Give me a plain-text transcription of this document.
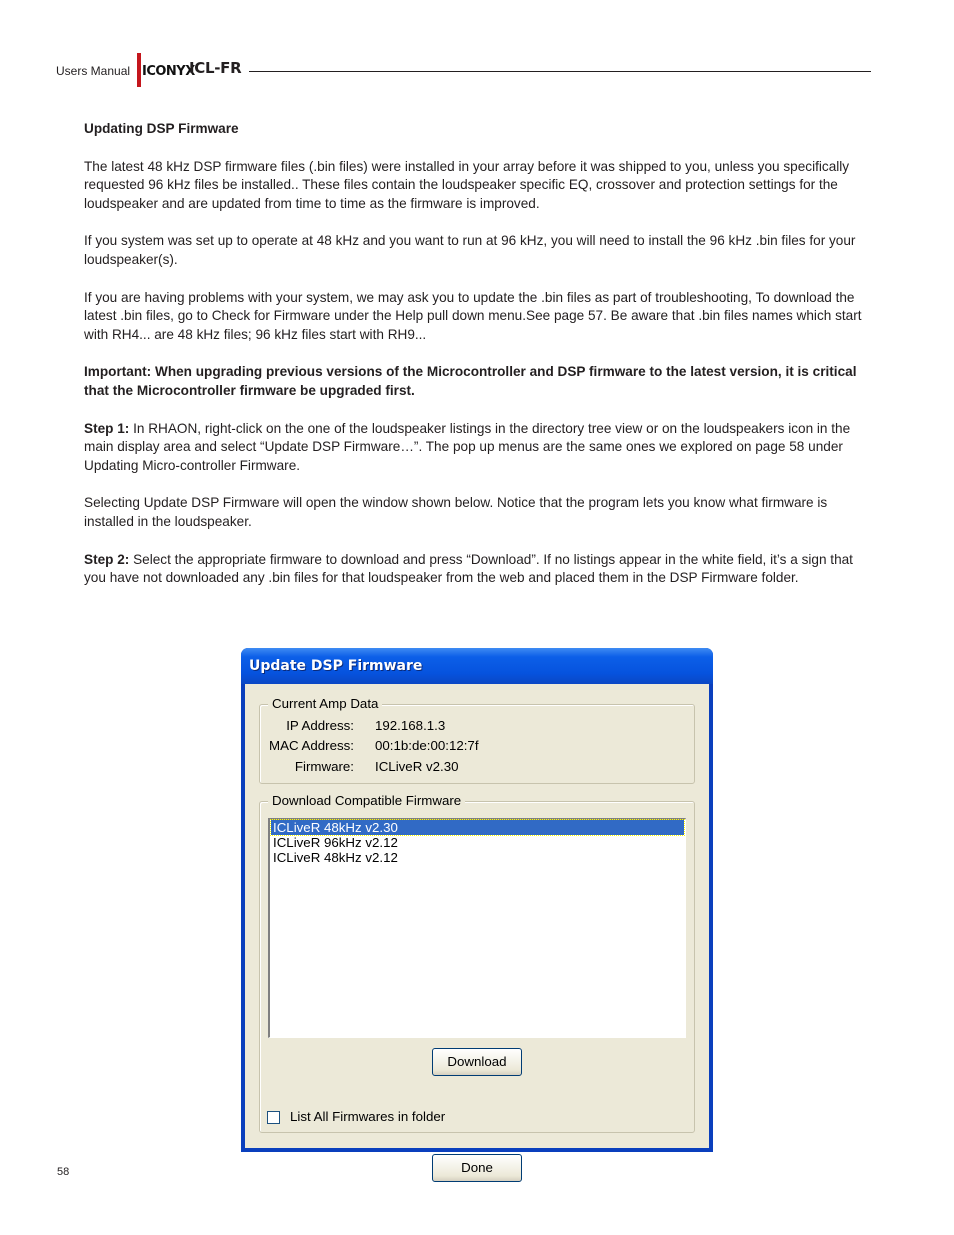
Users Manual ICONYX
ICL-FR
Updating DSP Firmware

The latest 48 kHz DSP firmware files (.bin files) were installed in your array before it was shipped to you, unless you specifically requested 96 kHz files be installed.. These files contain the loudspeaker specific EQ, crossover and protection settings for the loudspeaker and are updated from time to time as the firmware is improved.

If you system was set up to operate at 48 kHz and you want to run at 96 kHz, you will need to install the 96 kHz .bin files for your loudspeaker(s).

If you are having problems with your system, we may ask you to update the .bin files as part of troubleshooting, To download the latest .bin files, go to Check for Firmware under the Help pull down menu.See page 57. Be aware that .bin files names which start with RH4... are 48 kHz files; 96 kHz files start with RH9...

Important: When upgrading previous versions of the Microcontroller and DSP firmware to the latest version, it is critical that the Microcontroller firmware be upgraded first.

Step 1: In RHAON, right-click on the one of the loudspeaker listings in the directory tree view or on the loudspeakers icon in the main display area and select “Update DSP Firmware…”. The pop up menus are the same ones we explored on page 58 under Updating Micro-controller Firmware.

Selecting Update DSP Firmware will open the window shown below. Notice that the program lets you know what firmware is installed in the loudspeaker.

Step 2: Select the appropriate firmware to download and press “Download”. If no listings appear in the white field, it’s a sign that you have not downloaded any .bin files for that loudspeaker from the web and placed them in the DSP Firmware folder.

Update DSP Firmware
Current Amp Data
IP Address: 192.168.1.3
MAC Address: 00:1b:de:00:12:7f
Firmware: ICLiveR v2.30
Download Compatible Firmware
ICLiveR 48kHz v2.30
ICLiveR 96kHz v2.12
ICLiveR 48kHz v2.12
Download
List All Firmwares in folder
Done
58
